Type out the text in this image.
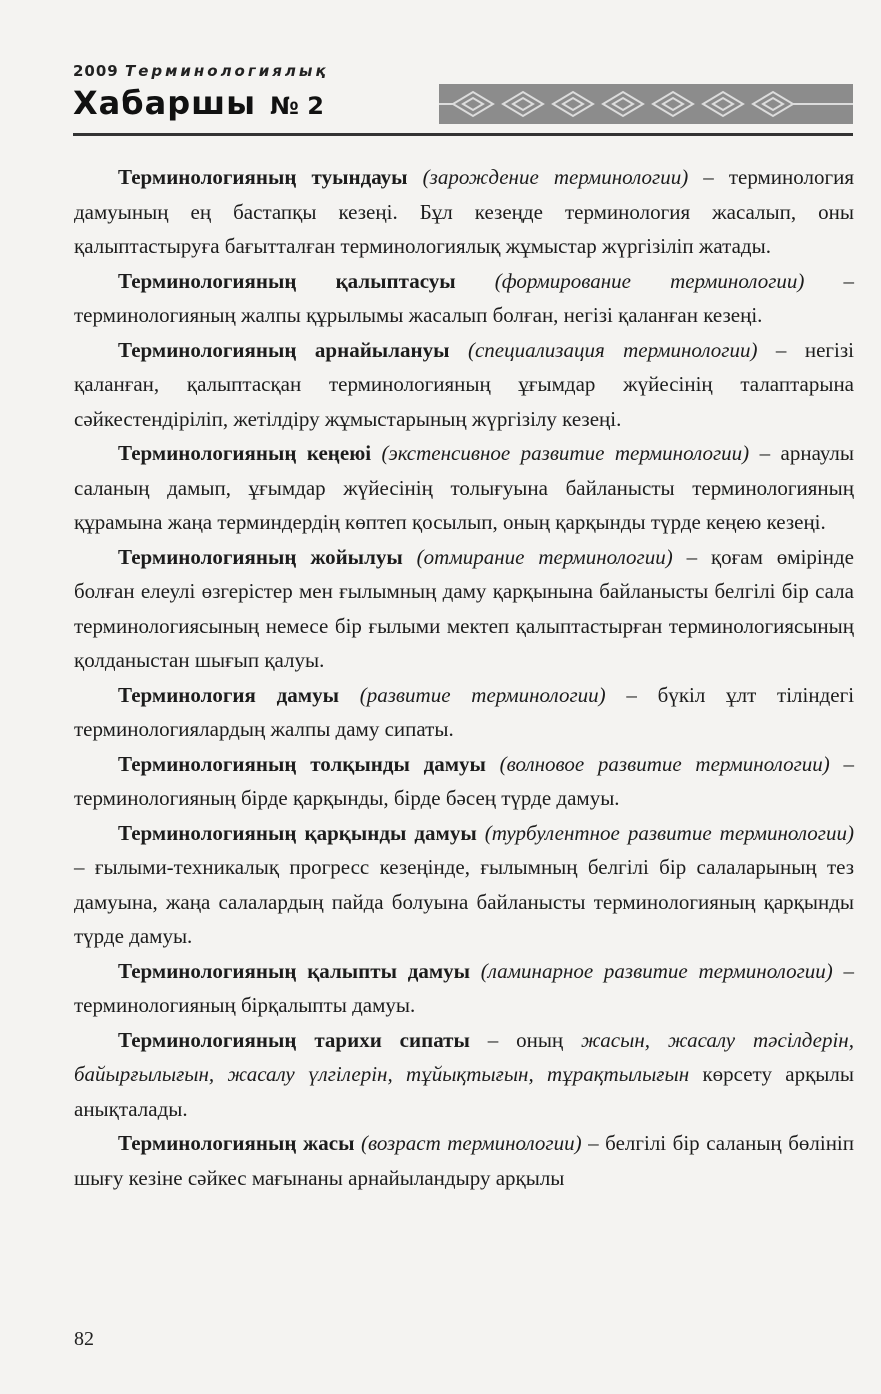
2009 Терминологиялық
Хабаршы № 2

Терминологияның туындауы (зарождение терминологии) – терминология дамуының ең бастапқы кезеңі. Бұл кезеңде терминология жасалып, оны қалыптастыруға бағытталған терминологиялық жұмыстар жүргізіліп жатады.

Терминологияның қалыптасуы (формирование терминологии) – терминологияның жалпы құрылымы жасалып болған, негізі қаланған кезеңі.

Терминологияның арнайылануы (специализация терминологии) – негізі қаланған, қалыптасқан терминологияның ұғымдар жүйесінің талаптарына сәйкестендіріліп, жетілдіру жұмыстарының жүргізілу кезеңі.

Терминологияның кеңеюі (экстенсивное развитие терминологии) – арнаулы саланың дамып, ұғымдар жүйесінің толығуына байланысты терминологияның құрамына жаңа терминдердің көптеп қосылып, оның қарқынды түрде кеңею кезеңі.

Терминологияның жойылуы (отмирание терминологии) – қоғам өмірінде болған елеулі өзгерістер мен ғылымның даму қарқынына байланысты белгілі бір сала терминологиясының немесе бір ғылыми мектеп қалыптастырған терминологиясының қолданыстан шығып қалуы.

Терминология дамуы (развитие терминологии) – бүкіл ұлт тіліндегі терминологиялардың жалпы даму сипаты.

Терминологияның толқынды дамуы (волновое развитие терминологии) – терминологияның бірде қарқынды, бірде бәсең түрде дамуы.

Терминологияның қарқынды дамуы (турбулентное развитие терминологии) – ғылыми-техникалық прогресс кезеңінде, ғылымның белгілі бір салаларының тез дамуына, жаңа салалардың пайда болуына байланысты терминологияның қарқынды түрде дамуы.

Терминологияның қалыпты дамуы (ламинарное развитие терминологии) – терминологияның бірқалыпты дамуы.

Терминологияның тарихи сипаты – оның жасын, жасалу тәсілдерін, байырғылығын, жасалу үлгілерін, тұйықтығын, тұрақтылығын көрсету арқылы анықталады.

Терминологияның жасы (возраст терминологии) – белгілі бір саланың бөлініп шығу кезіне сәйкес мағынаны арнайыландыру арқылы

82
